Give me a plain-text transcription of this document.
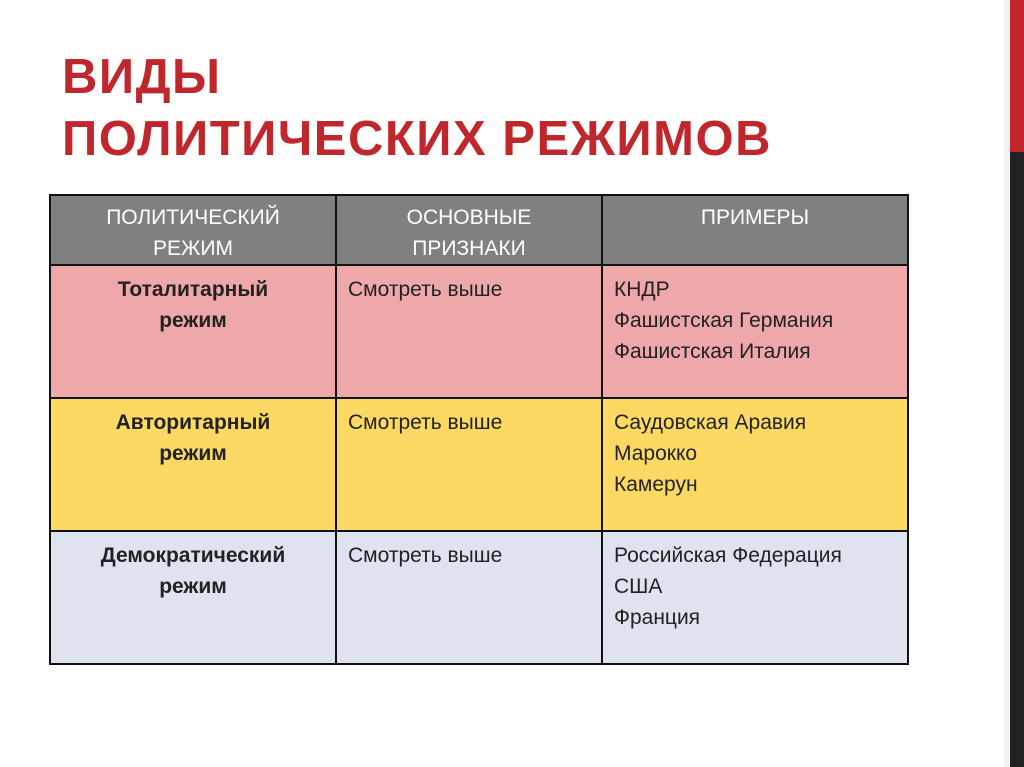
ВИДЫ
ПОЛИТИЧЕСКИХ РЕЖИМОВ
ПОЛИТИЧЕСКИЙ
РЕЖИМ	ОСНОВНЫЕ
ПРИЗНАКИ	ПРИМЕРЫ

Тоталитарный
режим	Смотреть выше	КНДР
Фашистская Германия
Фашистская Италия

Авторитарный
режим	Смотреть выше	Саудовская Аравия
Марокко
Камерун

Демократический
режим	Смотреть выше	Российская Федерация
США
Франция
